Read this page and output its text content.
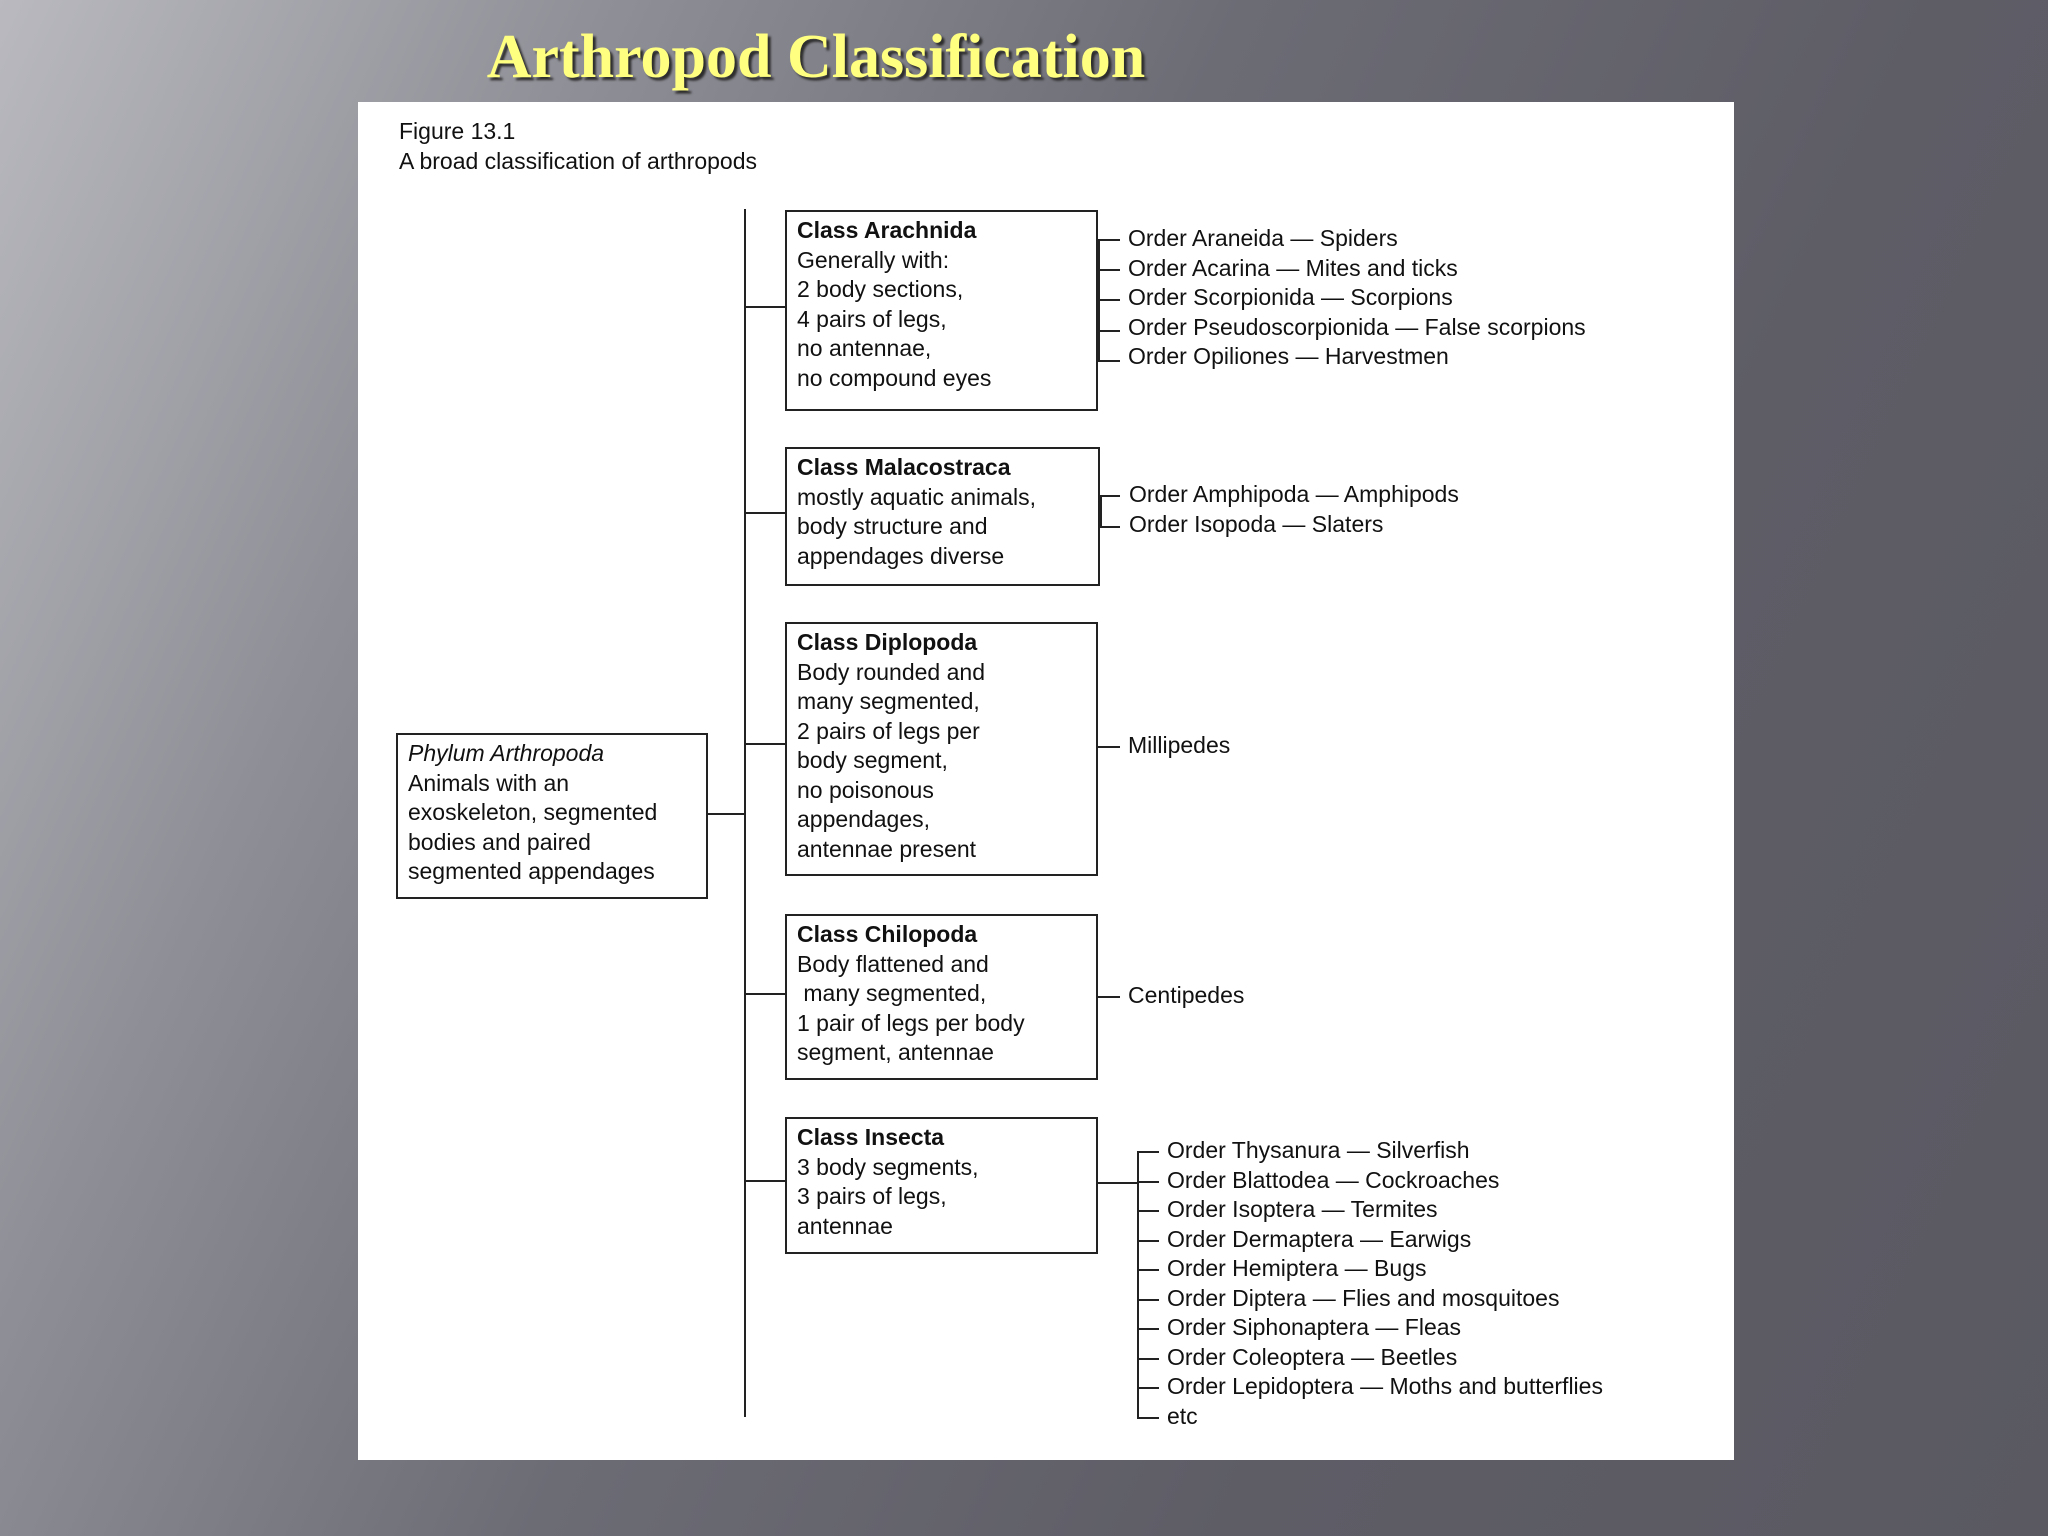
Arthropod Classification
Figure 13.1
A broad classification of arthropods
Phylum Arthropoda
Animals with an
exoskeleton, segmented
bodies and paired
segmented appendages
Class Arachnida
Generally with:
2 body sections,
4 pairs of legs,
no antennae,
no compound eyes
Order Araneida — Spiders
Order Acarina — Mites and ticks
Order Scorpionida — Scorpions
Order Pseudoscorpionida — False scorpions
Order Opiliones — Harvestmen
Class Malacostraca
mostly aquatic animals,
body structure and
appendages diverse
Order Amphipoda — Amphipods
Order Isopoda — Slaters
Class Diplopoda
Body rounded and
many segmented,
2 pairs of legs per
body segment,
no poisonous
appendages,
antennae present
Millipedes
Class Chilopoda
Body flattened and
many segmented,
1 pair of legs per body
segment, antennae
Centipedes
Class Insecta
3 body segments,
3 pairs of legs,
antennae
Order Thysanura — Silverfish
Order Blattodea — Cockroaches
Order Isoptera — Termites
Order Dermaptera — Earwigs
Order Hemiptera — Bugs
Order Diptera — Flies and mosquitoes
Order Siphonaptera — Fleas
Order Coleoptera — Beetles
Order Lepidoptera — Moths and butterflies
etc
